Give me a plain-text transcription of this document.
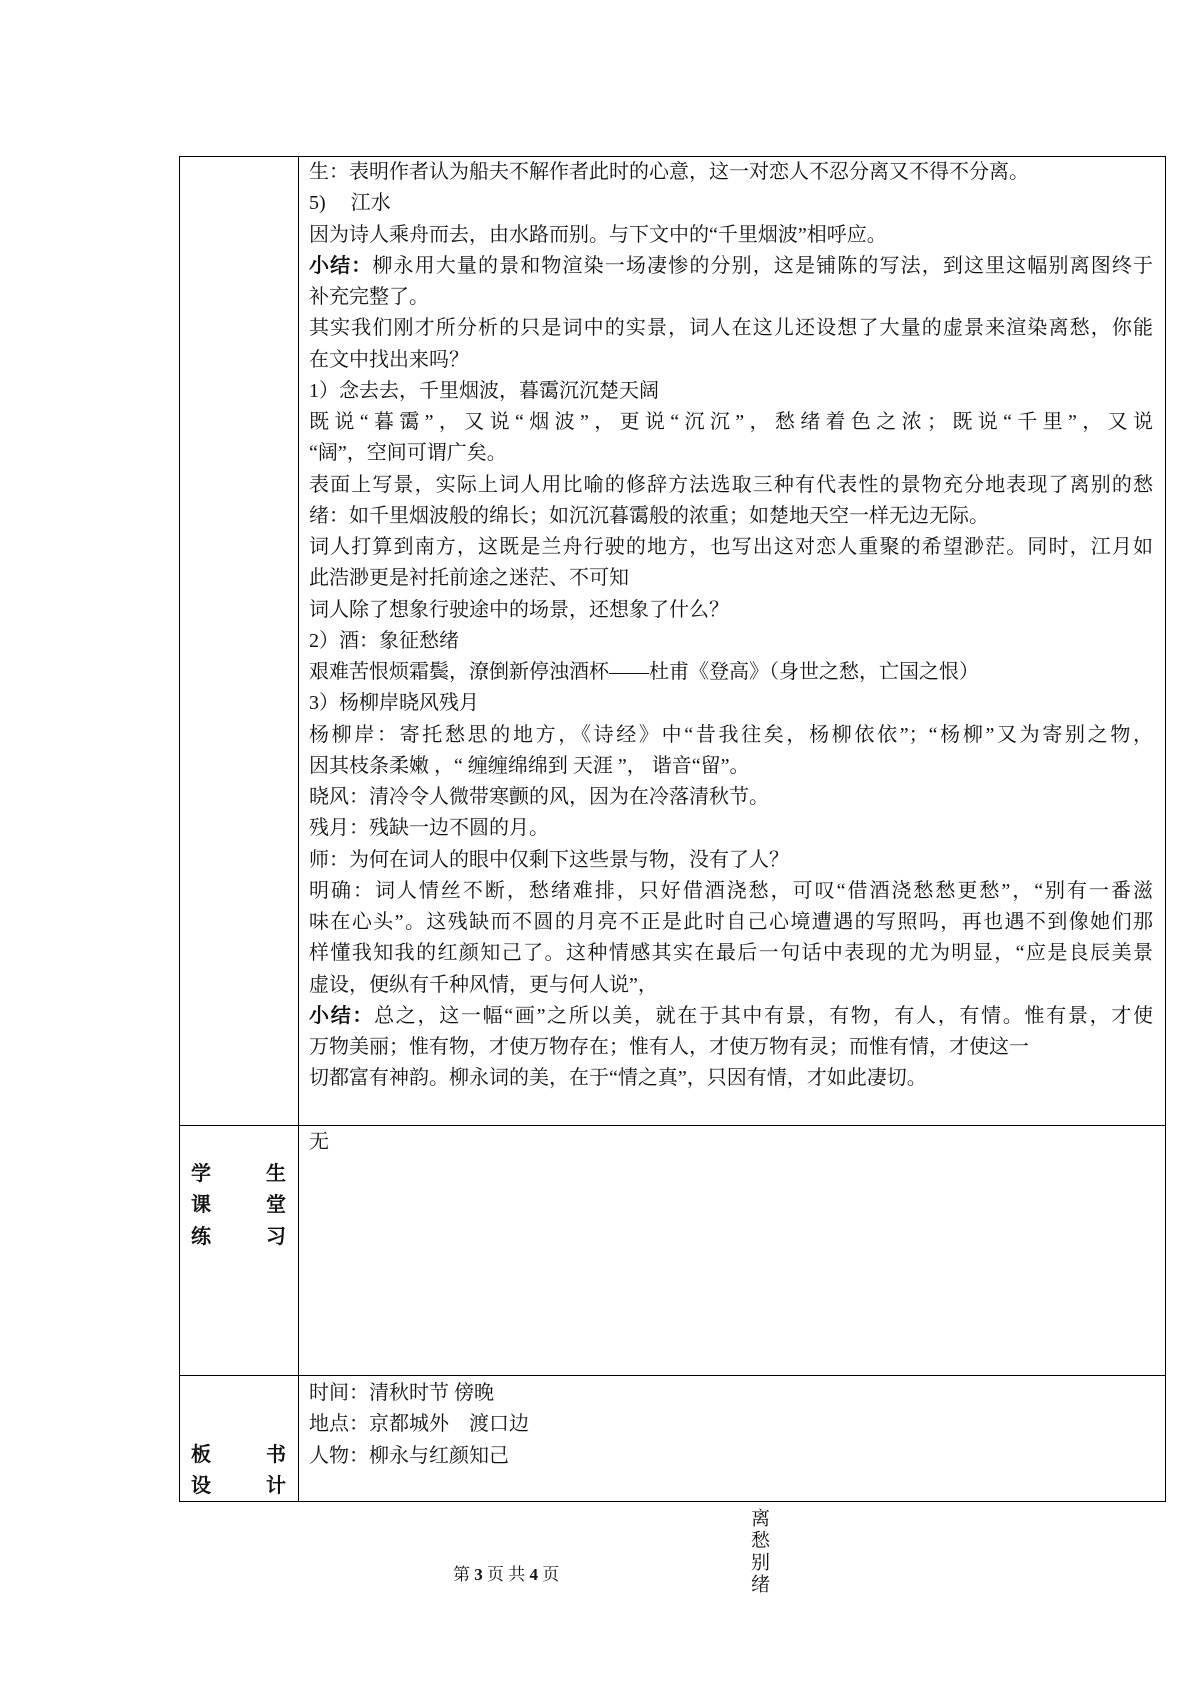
生：表明作者认为船夫不解作者此时的心意，这一对恋人不忍分离又不得不分离。
5)　 江水
因为诗人乘舟而去，由水路而别。与下文中的“千里烟波”相呼应。
小结：柳永用大量的景和物渲染一场凄惨的分别，这是铺陈的写法，到这里这幅别离图终于
补充完整了。
其实我们刚才所分析的只是词中的实景，词人在这儿还设想了大量的虚景来渲染离愁，你能
在文中找出来吗？
1）念去去，千里烟波，暮霭沉沉楚天阔
既说“暮霭”，又说“烟波”，更说“沉沉”，愁绪着色之浓；既说“千里”，又说
“阔”，空间可谓广矣。
表面上写景，实际上词人用比喻的修辞方法选取三种有代表性的景物充分地表现了离别的愁
绪：如千里烟波般的绵长；如沉沉暮霭般的浓重；如楚地天空一样无边无际。
词人打算到南方，这既是兰舟行驶的地方，也写出这对恋人重聚的希望渺茫。同时，江月如
此浩渺更是衬托前途之迷茫、不可知
词人除了想象行驶途中的场景，还想象了什么？
2）酒：象征愁绪
艰难苦恨烦霜鬓，潦倒新停浊酒杯——杜甫《登高》（身世之愁，亡国之恨）
3）杨柳岸晓风残月
杨柳岸：寄托愁思的地方，《诗经》中“昔我往矣，杨柳依依”；“杨柳”又为寄别之物，
因其枝条柔嫩 ，“ 缠缠绵绵到 天涯 ”， 谐音“留”。
晓风：清冷令人微带寒颤的风，因为在冷落清秋节。
残月：残缺一边不圆的月。
师：为何在词人的眼中仅剩下这些景与物，没有了人？
明确：词人情丝不断，愁绪难排，只好借酒浇愁，可叹“借酒浇愁愁更愁”，“别有一番滋
味在心头”。这残缺而不圆的月亮不正是此时自己心境遭遇的写照吗，再也遇不到像她们那
样懂我知我的红颜知己了。这种情感其实在最后一句话中表现的尤为明显，“应是良辰美景
虚设，便纵有千种风情，更与何人说”，
小结：总之，这一幅“画”之所以美，就在于其中有景，有物，有人，有情。惟有景，才使
万物美丽；惟有物，才使万物存在；惟有人，才使万物有灵；而惟有情，才使这一
切都富有神韵。柳永词的美，在于“情之真”，只因有情，才如此凄切。
学生
课堂
练习
无
板书
设计
时间：清秋时节 傍晚
地点：京都城外　渡口边
人物：柳永与红颜知己
离愁别绪
第 3 页 共 4 页
